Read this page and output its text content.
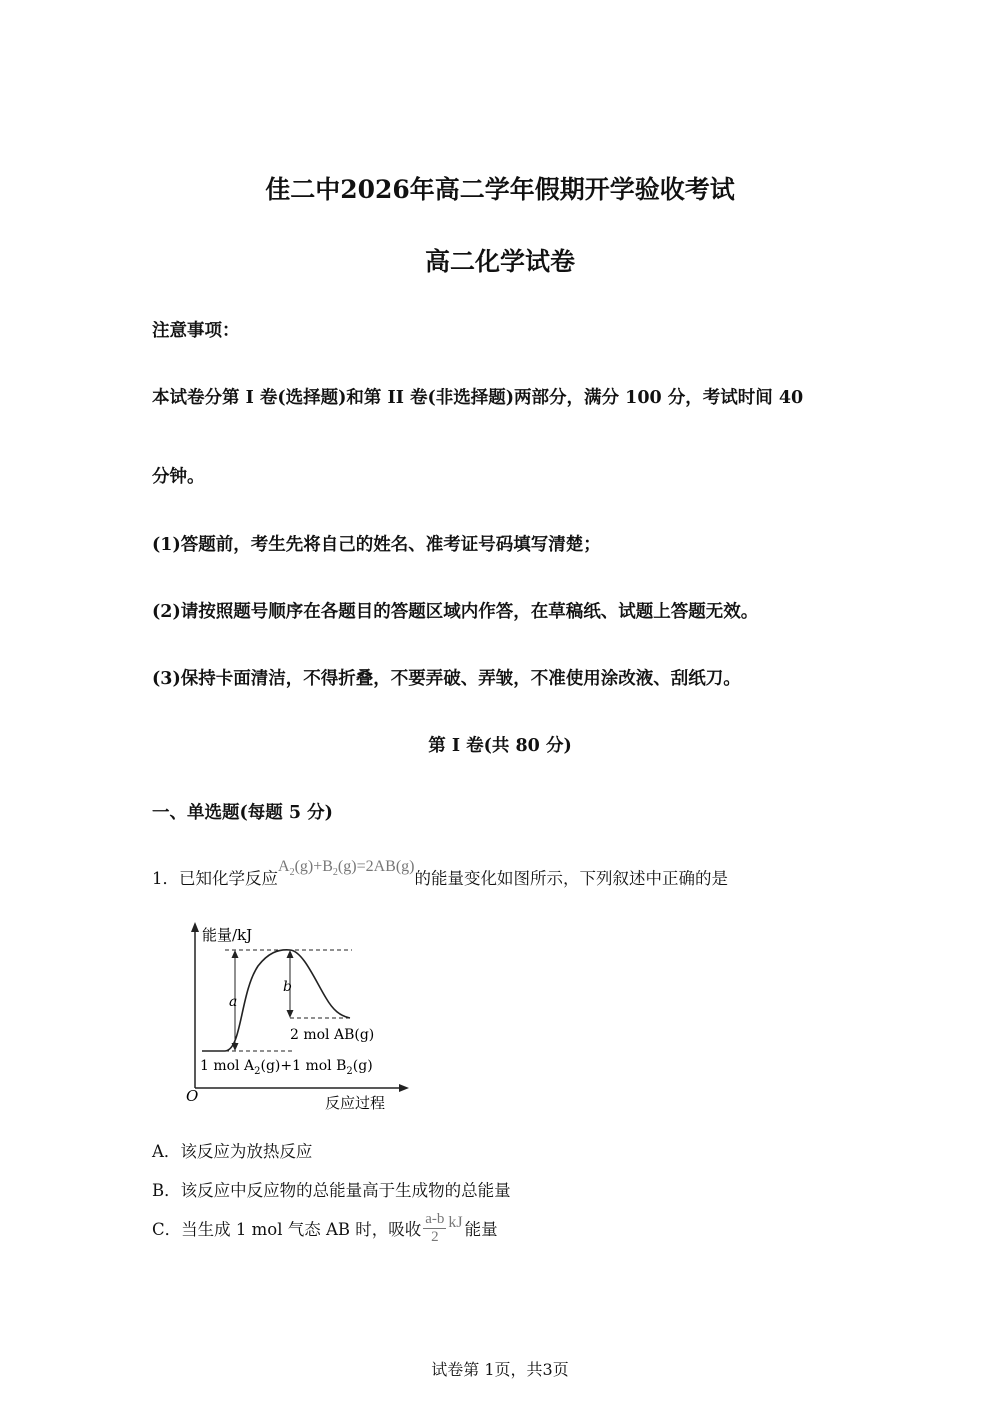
佳二中2026年高二学年假期开学验收考试
高二化学试卷
注意事项：
本试卷分第 I 卷(选择题)和第 II 卷(非选择题)两部分，满分 100 分，考试时间 40
分钟。
(1)答题前，考生先将自己的姓名、准考证号码填写清楚；
(2)请按照题号顺序在各题目的答题区域内作答，在草稿纸、试题上答题无效。
(3)保持卡面清洁，不得折叠，不要弄破、弄皱，不准使用涂改液、刮纸刀。
第 I 卷(共 80 分)
一、单选题(每题 5 分)
1．已知化学反应$A_2(g)+B_2(g)=2AB(g)$的能量变化如图所示，下列叙述中正确的是
能量/kJ
反应过程
O
a
b
2 mol AB(g)
1 mol $A_2(g)+1$ mol $B_2(g)$
A．该反应为放热反应
B．该反应中反应物的总能量高于生成物的总能量
C．当生成 1 mol 气态 AB 时，吸收 $\frac{a-b}{2}$ kJ 能量
试卷第 1页，共3页
